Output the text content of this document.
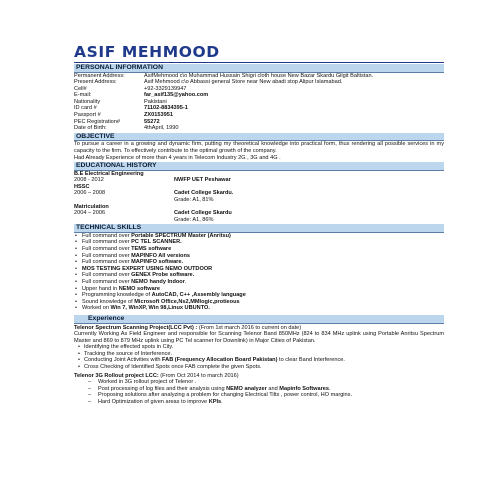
ASIF MEHMOOD
PERSONAL INFORMATION
Permanent Address:	AsifMehmood c\o Muhammad Hussain Shigri cloth house New Bazar Skardu Gilgit Baltistan.
Present Address:	Asif Mehmood c\o Abbassi general Store near New abadi stop Alipur Islamabad.
Cell#	+92-3329139947
E-mail:	far_asif135@yahoo.com
Nationality	Pakistani
ID card #	71102-8834395-1
Passport #	ZX0153951
PEC Registration#	55272
Date of Birth:	4thApril, 1990
OBJECTIVE
To pursue a career in a growing and dynamic firm, putting my theoretical knowledge into practical form, thus rendering all possible services in my capacity to the firm. To effectively contribute to the optimal growth of the company.
Had Already Experience of more than 4 years in Telecom Industry 2G , 3G and 4G .
EDUCATIONAL HISTORY
B.E Electrical Engineering
2008 - 2012	NWFP UET Peshawar
HSSC
2006 – 2008	Cadet College Skardu.
Grade: A1, 81%
Matriculation
2004 – 2006	Cadet College Skardu
Grade: A1, 86%
TECHNICAL SKILLS
• Full command over Portable SPECTRUM Master (Anritsu)
• Full command over PC TEL SCANNER.
• Full command over TEMS software
• Full command over MAPINFO All versions
• Full command over MAPINFO software.
• MOS TESTING EXPERT USING NEMO OUTDOOR
• Full command over GENEX Probe software.
• Full command over NEMO handy Indoor.
• Upper hand in NEMO software
• Programming knowledge of AutoCAD, C++ ,Assembly language
• Sound knowledge of Microsoft Office,Ns2,MMlogic,protieous
• Worked on Win 7, WinXP, Win 98,Linux UBUNTO.
Experience
Telenor Spectrum Scanning Project(LCC Pvt) : (From 1st march 2016 to current on date)
Currently Working As Field Engineer and responsible for Scanning Telenor Band 850MHz (824 to 834 MHz uplink using Portable Anritsu Spectrum Master and 869 to 879 MHz uplink using PC Tel scanner for Downlink) in Major Cities of Pakistan.
• Identifying the effected spots in City.
• Tracking the source of Interference.
• Conducting Joint Activities with FAB (Frequency Allocation Board Pakistan) to clear Band Interference.
• Cross Checking of Identified Spots once FAB complete the given Spots.
Telenor 3G Rollout project LCC: (From Oct 2014 to march 2016)
– Worked in 3G rollout project of Telenor .
– Post processing of log files and their analysis using NEMO analyzer and Mapinfo Softwares.
– Proposing solutions after analyzing a problem for changing Electrical Tilts , power control, HO margins.
– Hard Optimization of given areas to improve KPIs.
